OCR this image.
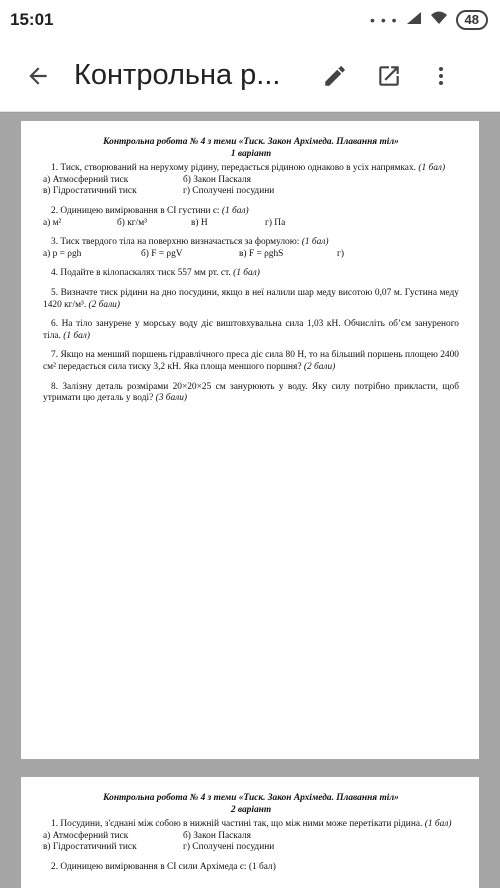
15:01	• • •	48
Контрольна р...
Контрольна робота № 4 з теми «Тиск. Закон Архімеда. Плавання тіл»
1 варіант
1. Тиск, створюваний на нерухому рідину, передається рідиною однаково в усіх напрямках. (1 бал)
а) Атмосферний тиск	б) Закон Паскаля
в) Гідростатичний тиск	г) Сполучені посудини
2. Одиницею вимірювання в СІ густини є: (1 бал)
а) м²	б) кг/м³	в) Н	г) Па
3. Тиск твердого тіла на поверхню визначається за формулою: (1 бал)
а) p = ρgh	б) F = ρgV	в) F = ρghS	г)
4. Подайте в кілопаскалях тиск 557 мм рт. ст. (1 бал)
5. Визначте тиск рідини на дно посудини, якщо в неї налили шар меду висотою 0,07 м. Густина меду 1420 кг/м³. (2 бали)
6. На тіло занурене у морську воду діє виштовхувальна сила 1,03 кН. Обчисліть об’єм зануреного тіла. (1 бал)
7. Якщо на менший поршень гідравлічного преса діє сила 80 Н, то на більший поршень площею 2400 см² передається сила тиску 3,2 кН. Яка площа меншого поршня? (2 бали)
8. Залізну деталь розмірами 20×20×25 см занурюють у воду. Яку силу потрібно прикласти, щоб утримати цю деталь у воді? (3 бали)
Контрольна робота № 4 з теми «Тиск. Закон Архімеда. Плавання тіл»
2 варіант
1. Посудини, з'єднані між собою в нижній частині так, що між ними може перетікати рідина. (1 бал)
а) Атмосферний тиск	б) Закон Паскаля
в) Гідростатичний тиск	г) Сполучені посудини
2. Одиницею вимірювання в СІ сили Архімеда є: (1 бал)
